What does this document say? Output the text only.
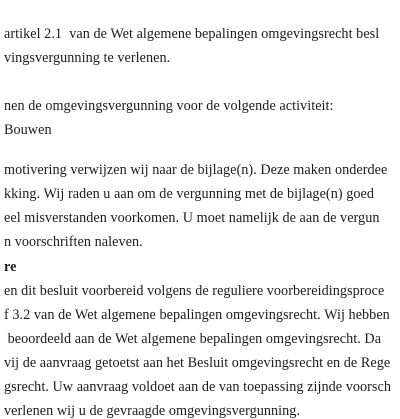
artikel 2.1  van de Wet algemene bepalingen omgevingsrecht besl
vingsvergunning te verlenen.
nen de omgevingsvergunning voor de volgende activiteit:
Bouwen
motivering verwijzen wij naar de bijlage(n). Deze maken onderdee
kking. Wij raden u aan om de vergunning met de bijlage(n) goed
eel misverstanden voorkomen. U moet namelijk de aan de vergun
n voorschriften naleven.
re
en dit besluit voorbereid volgens de reguliere voorbereidingsproce
f 3.2 van de Wet algemene bepalingen omgevingsrecht. Wij hebben
beoordeeld aan de Wet algemene bepalingen omgevingsrecht. Da
vij de aanvraag getoetst aan het Besluit omgevingsrecht en de Rege
gsrecht. Uw aanvraag voldoet aan de van toepassing zijnde voorsch
verlenen wij u de gevraagde omgevingsvergunning.
